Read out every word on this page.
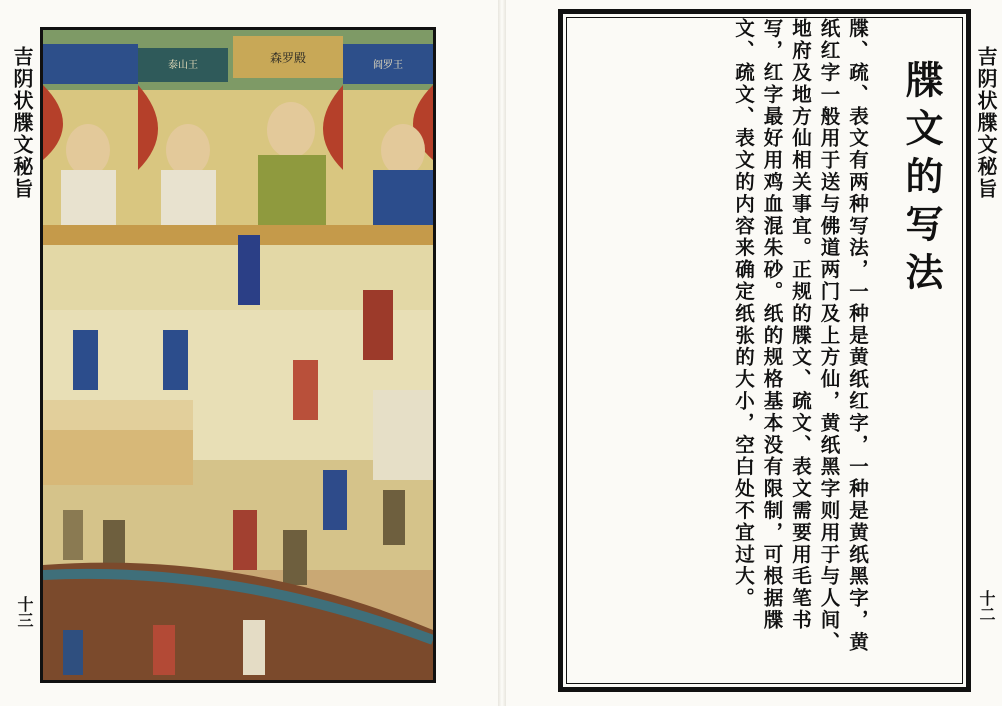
吉阴状牒文秘旨	森罗殿
泰山王	阎罗王
十三
牒文的写法
牒、疏、表文有两种写法，一种是黄纸红字，一种是黄纸黑字，黄纸红字一般用于送与佛道两门及上方仙，黄纸黑字则用于与人间、地府及地方仙相关事宜。正规的牒文、疏文、表文需要用毛笔书写，红字最好用鸡血混朱砂。纸的规格基本没有限制，可根据牒文、疏文、表文的内容来确定纸张的大小，空白处不宜过大。	吉阴状牒文秘旨
十二
